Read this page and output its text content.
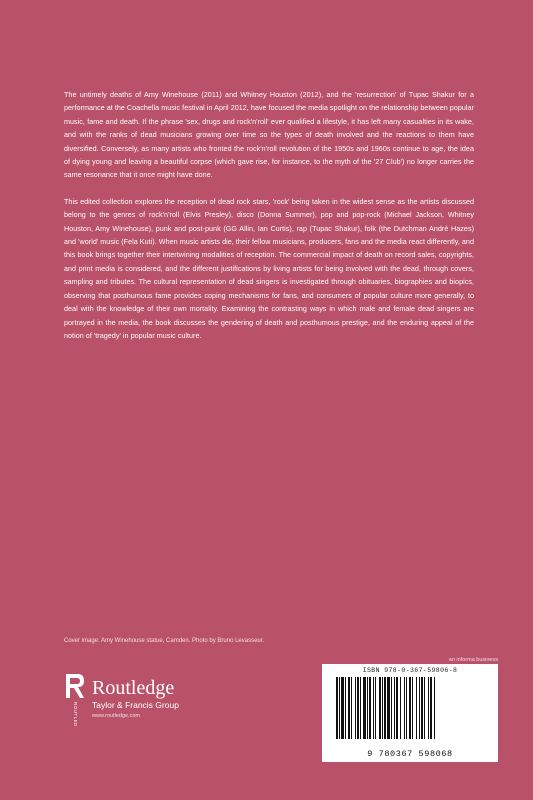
The untimely deaths of Amy Winehouse (2011) and Whitney Houston (2012), and the 'resurrection' of Tupac Shakur for a performance at the Coachella music festival in April 2012, have focused the media spotlight on the relationship between popular music, fame and death. If the phrase 'sex, drugs and rock'n'roll' ever qualified a lifestyle, it has left many casualties in its wake, and with the ranks of dead musicians growing over time so the types of death involved and the reactions to them have diversified. Conversely, as many artists who fronted the rock'n'roll revolution of the 1950s and 1960s continue to age, the idea of dying young and leaving a beautiful corpse (which gave rise, for instance, to the myth of the '27 Club') no longer carries the same resonance that it once might have done.

This edited collection explores the reception of dead rock stars, 'rock' being taken in the widest sense as the artists discussed belong to the genres of rock'n'roll (Elvis Presley), disco (Donna Summer), pop and pop-rock (Michael Jackson, Whitney Houston, Amy Winehouse), punk and post-punk (GG Allin, Ian Curtis), rap (Tupac Shakur), folk (the Dutchman André Hazes) and 'world' music (Fela Kuti). When music artists die, their fellow musicians, producers, fans and the media react differently, and this book brings together their intertwining modalities of reception. The commercial impact of death on record sales, copyrights, and print media is considered, and the different justifications by living artists for being involved with the dead, through covers, sampling and tributes. The cultural representation of dead singers is investigated through obituaries, biographies and biopics, observing that posthumous fame provides coping mechanisms for fans, and consumers of popular culture more generally, to deal with the knowledge of their own mortality. Examining the contrasting ways in which male and female dead singers are portrayed in the media, the book discusses the gendering of death and posthumous prestige, and the enduring appeal of the notion of 'tragedy' in popular music culture.

Cover image: Amy Winehouse statue, Camden. Photo by Bruno Levasseur.
ROUTLEDGE
Routledge
Taylor & Francis Group
www.routledge.com
an informa business
ISBN 978-0-367-59806-8
9 780367 598068
